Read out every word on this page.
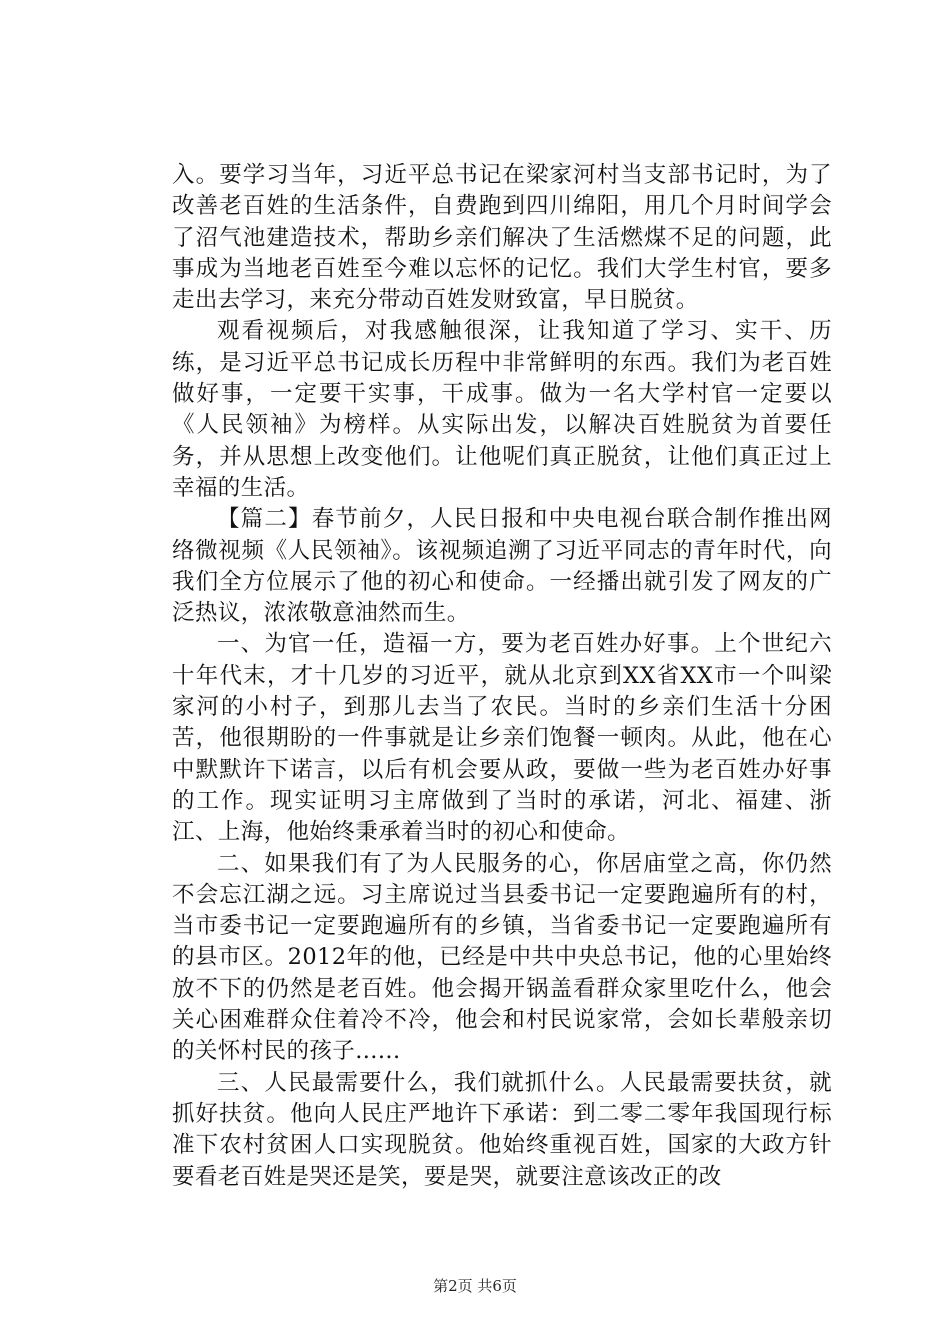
入。要学习当年，习近平总书记在梁家河村当支部书记时，为了改善老百姓的生活条件，自费跑到四川绵阳，用几个月时间学会了沼气池建造技术，帮助乡亲们解决了生活燃煤不足的问题，此事成为当地老百姓至今难以忘怀的记忆。我们大学生村官，要多走出去学习，来充分带动百姓发财致富，早日脱贫。

观看视频后，对我感触很深，让我知道了学习、实干、历练，是习近平总书记成长历程中非常鲜明的东西。我们为老百姓做好事，一定要干实事，干成事。做为一名大学村官一定要以《人民领袖》为榜样。从实际出发，以解决百姓脱贫为首要任务，并从思想上改变他们。让他呢们真正脱贫，让他们真正过上幸福的生活。

【篇二】春节前夕，人民日报和中央电视台联合制作推出网络微视频《人民领袖》。该视频追溯了习近平同志的青年时代，向我们全方位展示了他的初心和使命。一经播出就引发了网友的广泛热议，浓浓敬意油然而生。

一、为官一任，造福一方，要为老百姓办好事。上个世纪六十年代末，才十几岁的习近平，就从北京到XX省XX市一个叫梁家河的小村子，到那儿去当了农民。当时的乡亲们生活十分困苦，他很期盼的一件事就是让乡亲们饱餐一顿肉。从此，他在心中默默许下诺言，以后有机会要从政，要做一些为老百姓办好事的工作。现实证明习主席做到了当时的承诺，河北、福建、浙江、上海，他始终秉承着当时的初心和使命。

二、如果我们有了为人民服务的心，你居庙堂之高，你仍然不会忘江湖之远。习主席说过当县委书记一定要跑遍所有的村，当市委书记一定要跑遍所有的乡镇，当省委书记一定要跑遍所有的县市区。2012年的他，已经是中共中央总书记，他的心里始终放不下的仍然是老百姓。他会揭开锅盖看群众家里吃什么，他会关心困难群众住着冷不冷，他会和村民说家常，会如长辈般亲切的关怀村民的孩子......

三、人民最需要什么，我们就抓什么。人民最需要扶贫，就抓好扶贫。他向人民庄严地许下承诺：到二零二零年我国现行标准下农村贫困人口实现脱贫。他始终重视百姓，国家的大政方针要看老百姓是哭还是笑，要是哭，就要注意该改正的改

第2页 共6页
